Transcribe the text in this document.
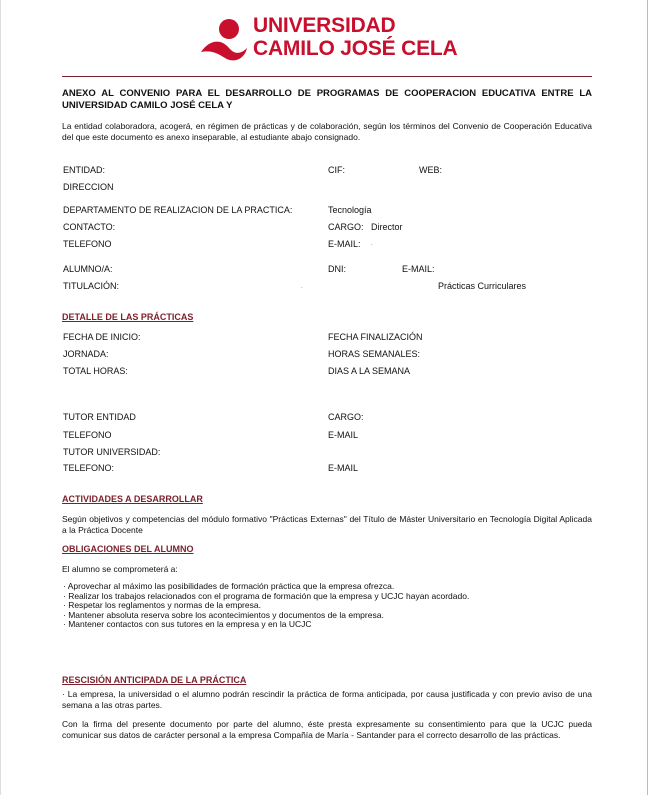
UNIVERSIDAD
CAMILO JOSÉ CELA
ANEXO AL CONVENIO PARA EL DESARROLLO DE PROGRAMAS DE COOPERACION EDUCATIVA ENTRE LA UNIVERSIDAD CAMILO JOSÉ CELA Y
La entidad colaboradora, acogerá, en régimen de prácticas y de colaboración, según los términos del Convenio de Cooperación Educativa del que este documento es anexo inseparable, al estudiante abajo consignado.
ENTIDAD:	CIF:	WEB:
DIRECCION
DEPARTAMENTO DE REALIZACION DE LA PRACTICA:	Tecnología
CONTACTO:	CARGO: Director
TELEFONO	E-MAIL: .
ALUMNO/A:	DNI:	E-MAIL:
TITULACIÓN:	.	Prácticas Curriculares
DETALLE DE LAS PRÁCTICAS
FECHA DE INICIO:	FECHA FINALIZACIÓN
JORNADA:	HORAS SEMANALES:
TOTAL HORAS:	DIAS A LA SEMANA
TUTOR ENTIDAD	CARGO:
TELEFONO	E-MAIL
TUTOR UNIVERSIDAD:
TELEFONO:	E-MAIL
ACTIVIDADES A DESARROLLAR
Según objetivos y competencias del módulo formativo "Prácticas Externas" del Título de Máster Universitario en Tecnología Digital Aplicada a la Práctica Docente
OBLIGACIONES DEL ALUMNO
El alumno se comprometerá a:
· Aprovechar al máximo las posibilidades de formación práctica que la empresa ofrezca.
· Realizar los trabajos relacionados con el programa de formación que la empresa y UCJC hayan acordado.
· Respetar los reglamentos y normas de la empresa.
· Mantener absoluta reserva sobre los acontecimientos y documentos de la empresa.
· Mantener contactos con sus tutores en la empresa y en la UCJC
RESCISIÓN ANTICIPADA DE LA PRÁCTICA
· La empresa, la universidad o el alumno podrán rescindir la práctica de forma anticipada, por causa justificada y con previo aviso de una semana a las otras partes.
Con la firma del presente documento por parte del alumno, éste presta expresamente su consentimiento para que la UCJC pueda comunicar sus datos de carácter personal a la empresa Compañía de María - Santander para el correcto desarrollo de las prácticas.
